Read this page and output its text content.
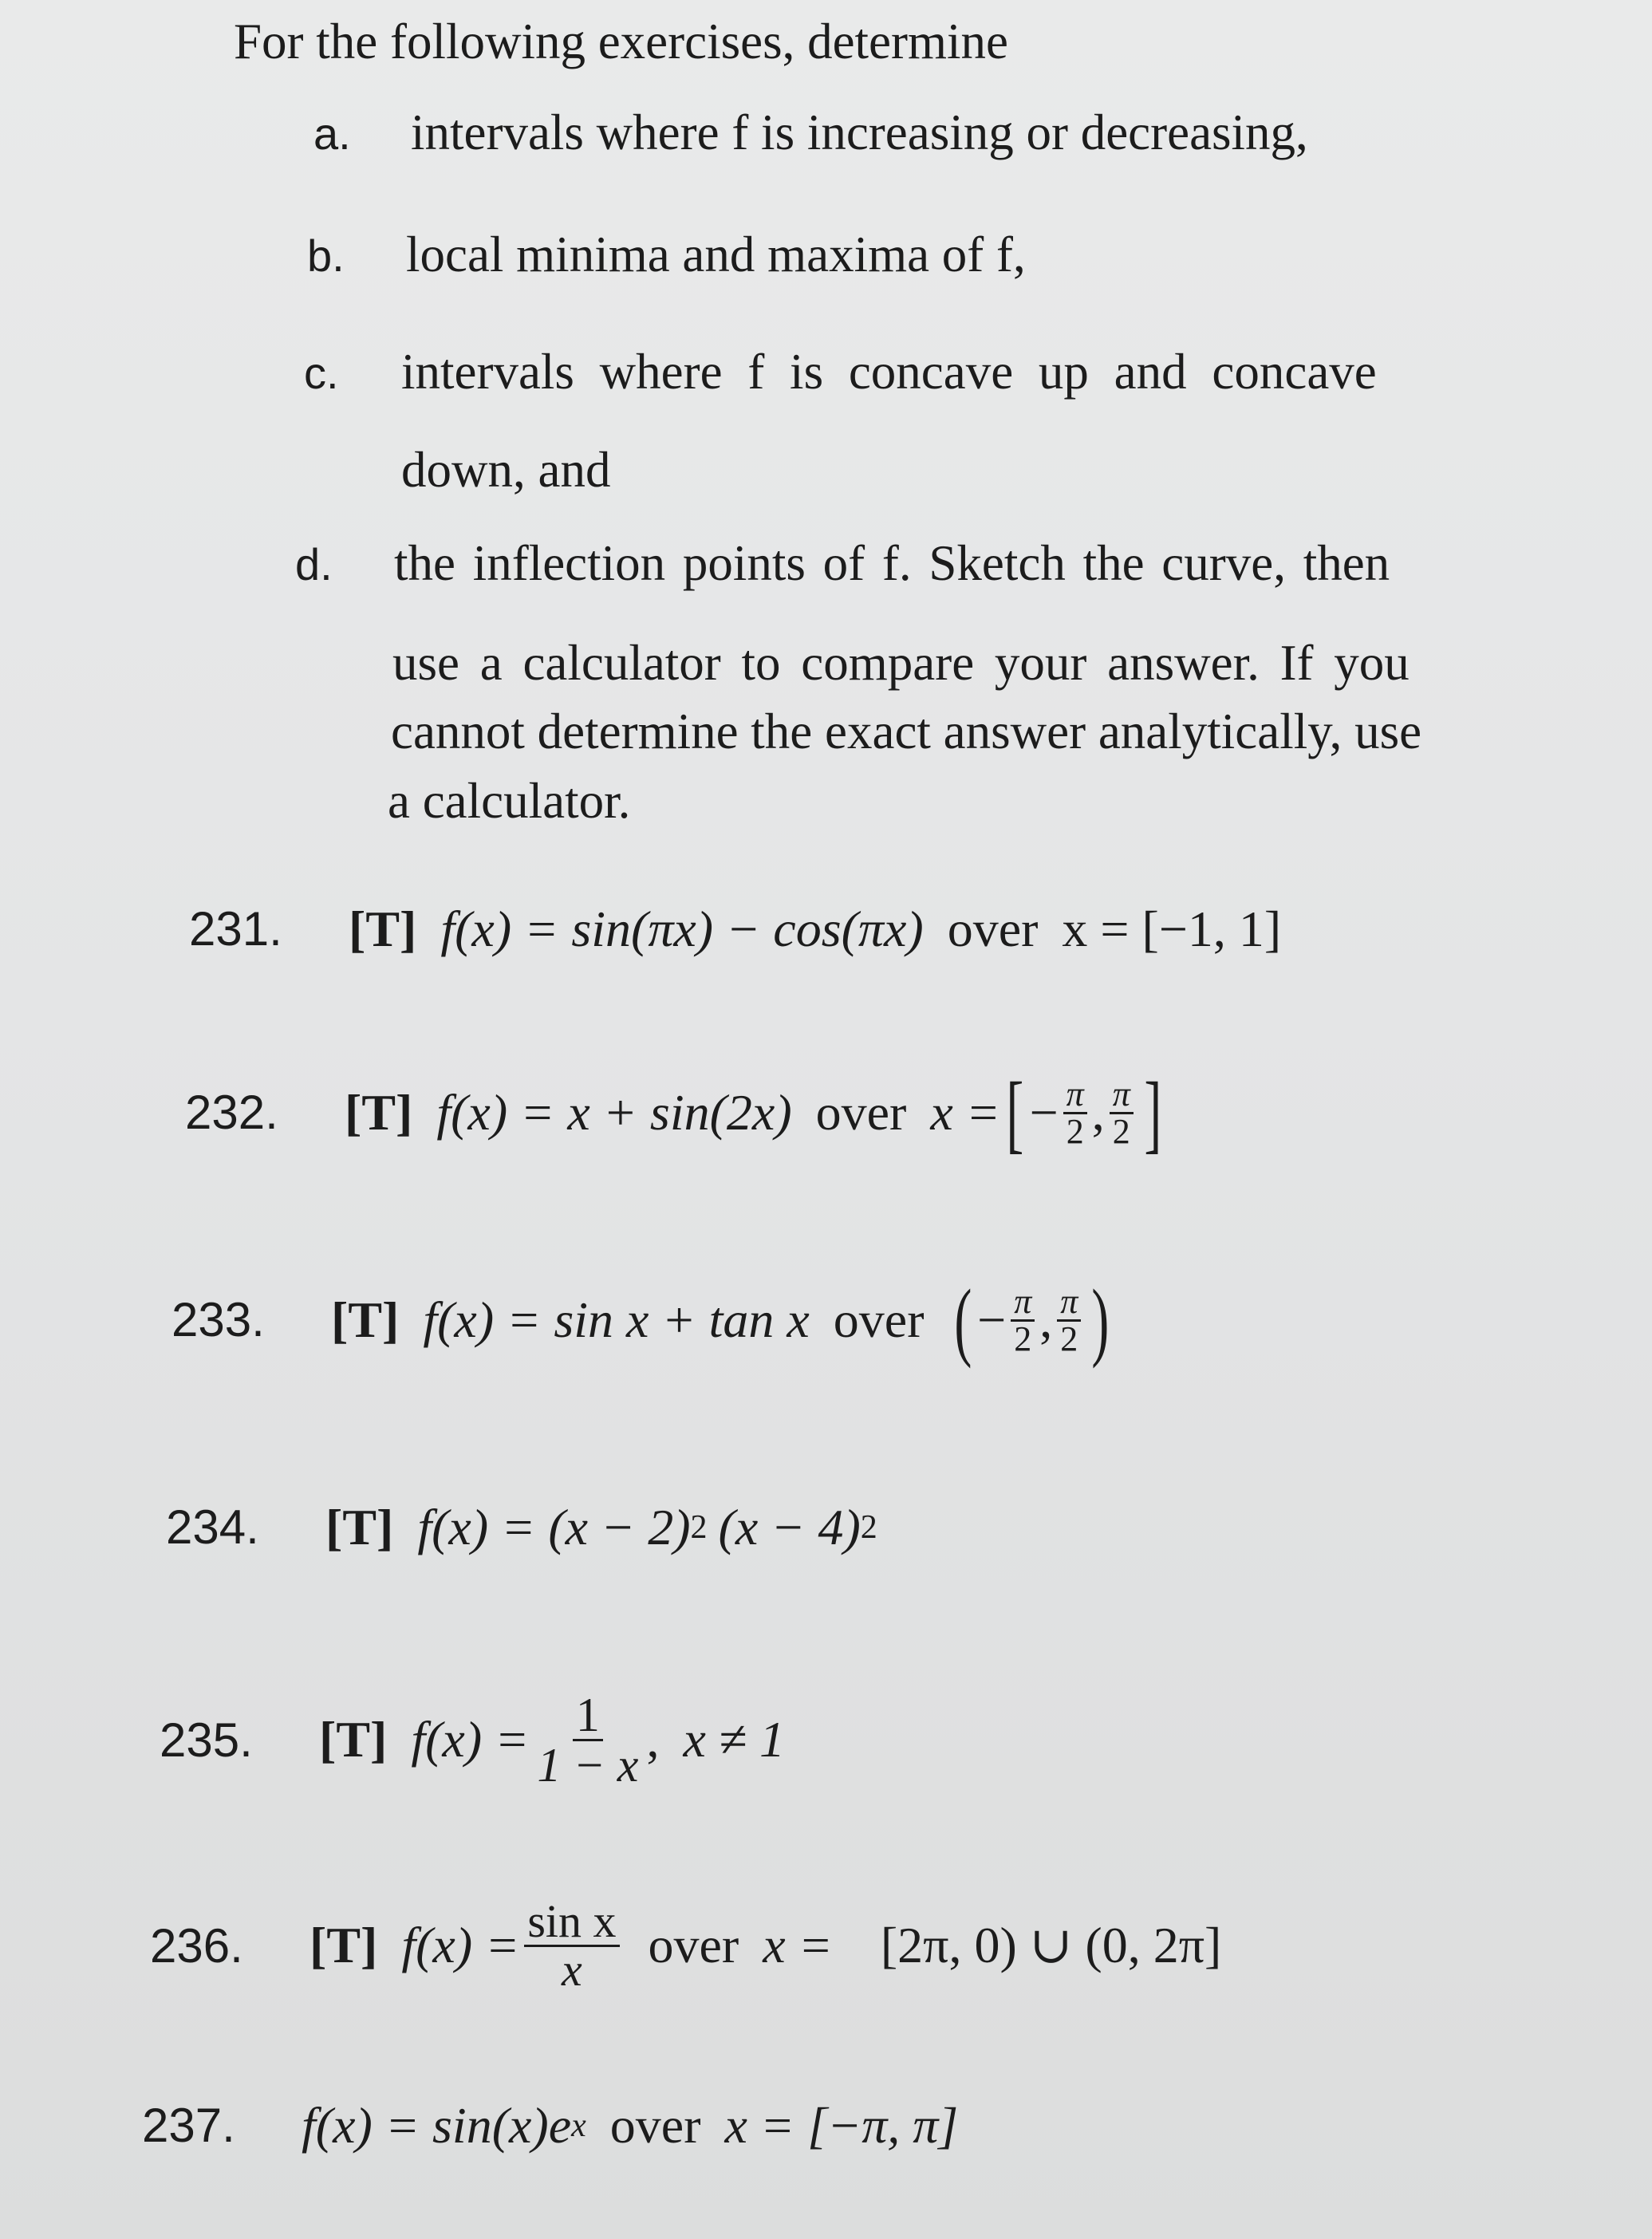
For the following exercises, determine
a. intervals where f is increasing or decreasing,
b. local minima and maxima of f,
c. intervals where f is concave up and concave
down, and
d. the inflection points of f. Sketch the curve, then
use a calculator to compare your answer. If you
cannot determine the exact answer analytically, use
a calculator.
231.	[T] f(x) = sin(πx) − cos(πx) over x = [−1, 1]
232.	[T] f(x) = x + sin(2x) over x = [ − $\frac{\pi}{2}$ , $\frac{\pi}{2}$ ]
233.	[T] f(x) = sin x + tan x over ( − $\frac{\pi}{2}$ , $\frac{\pi}{2}$ )
234.	[T] f(x) = (x − 2) 2 (x − 4) 2
235.	[T] $f(x) = \frac{1}{1 - x}$ , x ≠ 1
236.	[T] $f(x) = \frac{\text{sin x}}{x}$ over x = [2π, 0) ∪ (0, 2π]
237.	f(x) = sin(x)e x over x = [−π, π]
